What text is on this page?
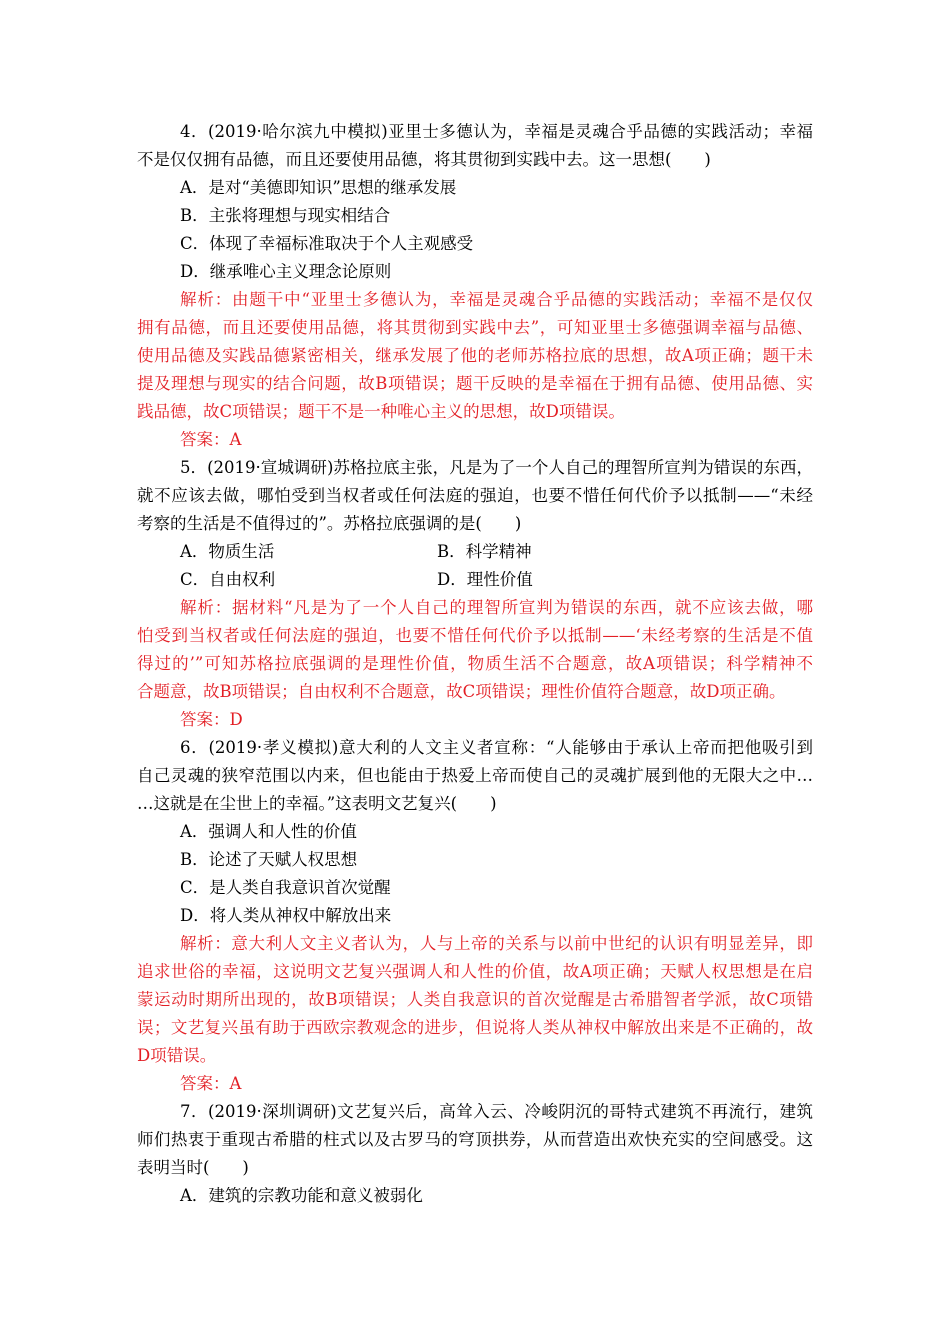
4．(2019·哈尔滨九中模拟)亚里士多德认为，幸福是灵魂合乎品德的实践活动；幸福
不是仅仅拥有品德，而且还要使用品德，将其贯彻到实践中去。这一思想(　　)
A．是对“美德即知识”思想的继承发展
B．主张将理想与现实相结合
C．体现了幸福标准取决于个人主观感受
D．继承唯心主义理念论原则
解析：由题干中“亚里士多德认为，幸福是灵魂合乎品德的实践活动；幸福不是仅仅
拥有品德，而且还要使用品德，将其贯彻到实践中去”，可知亚里士多德强调幸福与品德、
使用品德及实践品德紧密相关，继承发展了他的老师苏格拉底的思想，故A项正确；题干未
提及理想与现实的结合问题，故B项错误；题干反映的是幸福在于拥有品德、使用品德、实
践品德，故C项错误；题干不是一种唯心主义的思想，故D项错误。
答案：A
5．(2019·宣城调研)苏格拉底主张，凡是为了一个人自己的理智所宣判为错误的东西，
就不应该去做，哪怕受到当权者或任何法庭的强迫，也要不惜任何代价予以抵制——“未经
考察的生活是不值得过的”。苏格拉底强调的是(　　)
A．物质生活	B．科学精神
C．自由权利	D．理性价值
解析：据材料“凡是为了一个人自己的理智所宣判为错误的东西，就不应该去做，哪
怕受到当权者或任何法庭的强迫，也要不惜任何代价予以抵制——‘未经考察的生活是不值
得过的’”可知苏格拉底强调的是理性价值，物质生活不合题意，故A项错误；科学精神不
合题意，故B项错误；自由权利不合题意，故C项错误；理性价值符合题意，故D项正确。
答案：D
6．(2019·孝义模拟)意大利的人文主义者宣称：“人能够由于承认上帝而把他吸引到
自己灵魂的狭窄范围以内来，但也能由于热爱上帝而使自己的灵魂扩展到他的无限大之中…
…这就是在尘世上的幸福。”这表明文艺复兴(　　)
A．强调人和人性的价值
B．论述了天赋人权思想
C．是人类自我意识首次觉醒
D．将人类从神权中解放出来
解析：意大利人文主义者认为，人与上帝的关系与以前中世纪的认识有明显差异，即
追求世俗的幸福，这说明文艺复兴强调人和人性的价值，故A项正确；天赋人权思想是在启
蒙运动时期所出现的，故B项错误；人类自我意识的首次觉醒是古希腊智者学派，故C项错
误；文艺复兴虽有助于西欧宗教观念的进步，但说将人类从神权中解放出来是不正确的，故
D项错误。
答案：A
7．(2019·深圳调研)文艺复兴后，高耸入云、冷峻阴沉的哥特式建筑不再流行，建筑
师们热衷于重现古希腊的柱式以及古罗马的穹顶拱券，从而营造出欢快充实的空间感受。这
表明当时(　　)
A．建筑的宗教功能和意义被弱化
